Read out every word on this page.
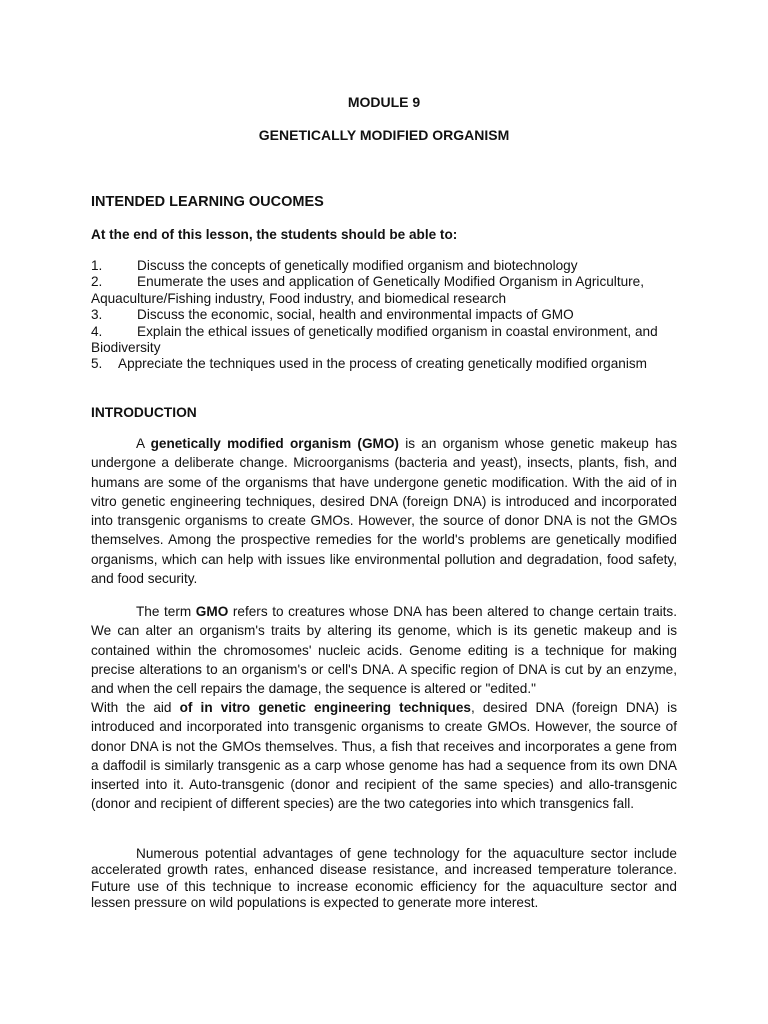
MODULE 9
GENETICALLY MODIFIED ORGANISM
INTENDED LEARNING OUCOMES
At the end of this lesson, the students should be able to:
1.	Discuss the concepts of genetically modified organism and biotechnology
2.	Enumerate the uses and application of Genetically Modified Organism in Agriculture,
Aquaculture/Fishing industry, Food industry, and biomedical research
3.	Discuss the economic, social, health and environmental impacts of GMO
4.	Explain the ethical issues of genetically modified organism in coastal environment, and
Biodiversity
5. Appreciate the techniques used in the process of creating genetically modified organism
INTRODUCTION
A genetically modified organism (GMO) is an organism whose genetic makeup has undergone a deliberate change. Microorganisms (bacteria and yeast), insects, plants, fish, and humans are some of the organisms that have undergone genetic modification. With the aid of in vitro genetic engineering techniques, desired DNA (foreign DNA) is introduced and incorporated into transgenic organisms to create GMOs. However, the source of donor DNA is not the GMOs themselves. Among the prospective remedies for the world's problems are genetically modified organisms, which can help with issues like environmental pollution and degradation, food safety, and food security.
The term GMO refers to creatures whose DNA has been altered to change certain traits. We can alter an organism's traits by altering its genome, which is its genetic makeup and is contained within the chromosomes' nucleic acids. Genome editing is a technique for making precise alterations to an organism's or cell's DNA. A specific region of DNA is cut by an enzyme, and when the cell repairs the damage, the sequence is altered or "edited."
With the aid of in vitro genetic engineering techniques, desired DNA (foreign DNA) is introduced and incorporated into transgenic organisms to create GMOs. However, the source of donor DNA is not the GMOs themselves. Thus, a fish that receives and incorporates a gene from a daffodil is similarly transgenic as a carp whose genome has had a sequence from its own DNA inserted into it. Auto-transgenic (donor and recipient of the same species) and allo-transgenic (donor and recipient of different species) are the two categories into which transgenics fall.
Numerous potential advantages of gene technology for the aquaculture sector include accelerated growth rates, enhanced disease resistance, and increased temperature tolerance. Future use of this technique to increase economic efficiency for the aquaculture sector and lessen pressure on wild populations is expected to generate more interest.
